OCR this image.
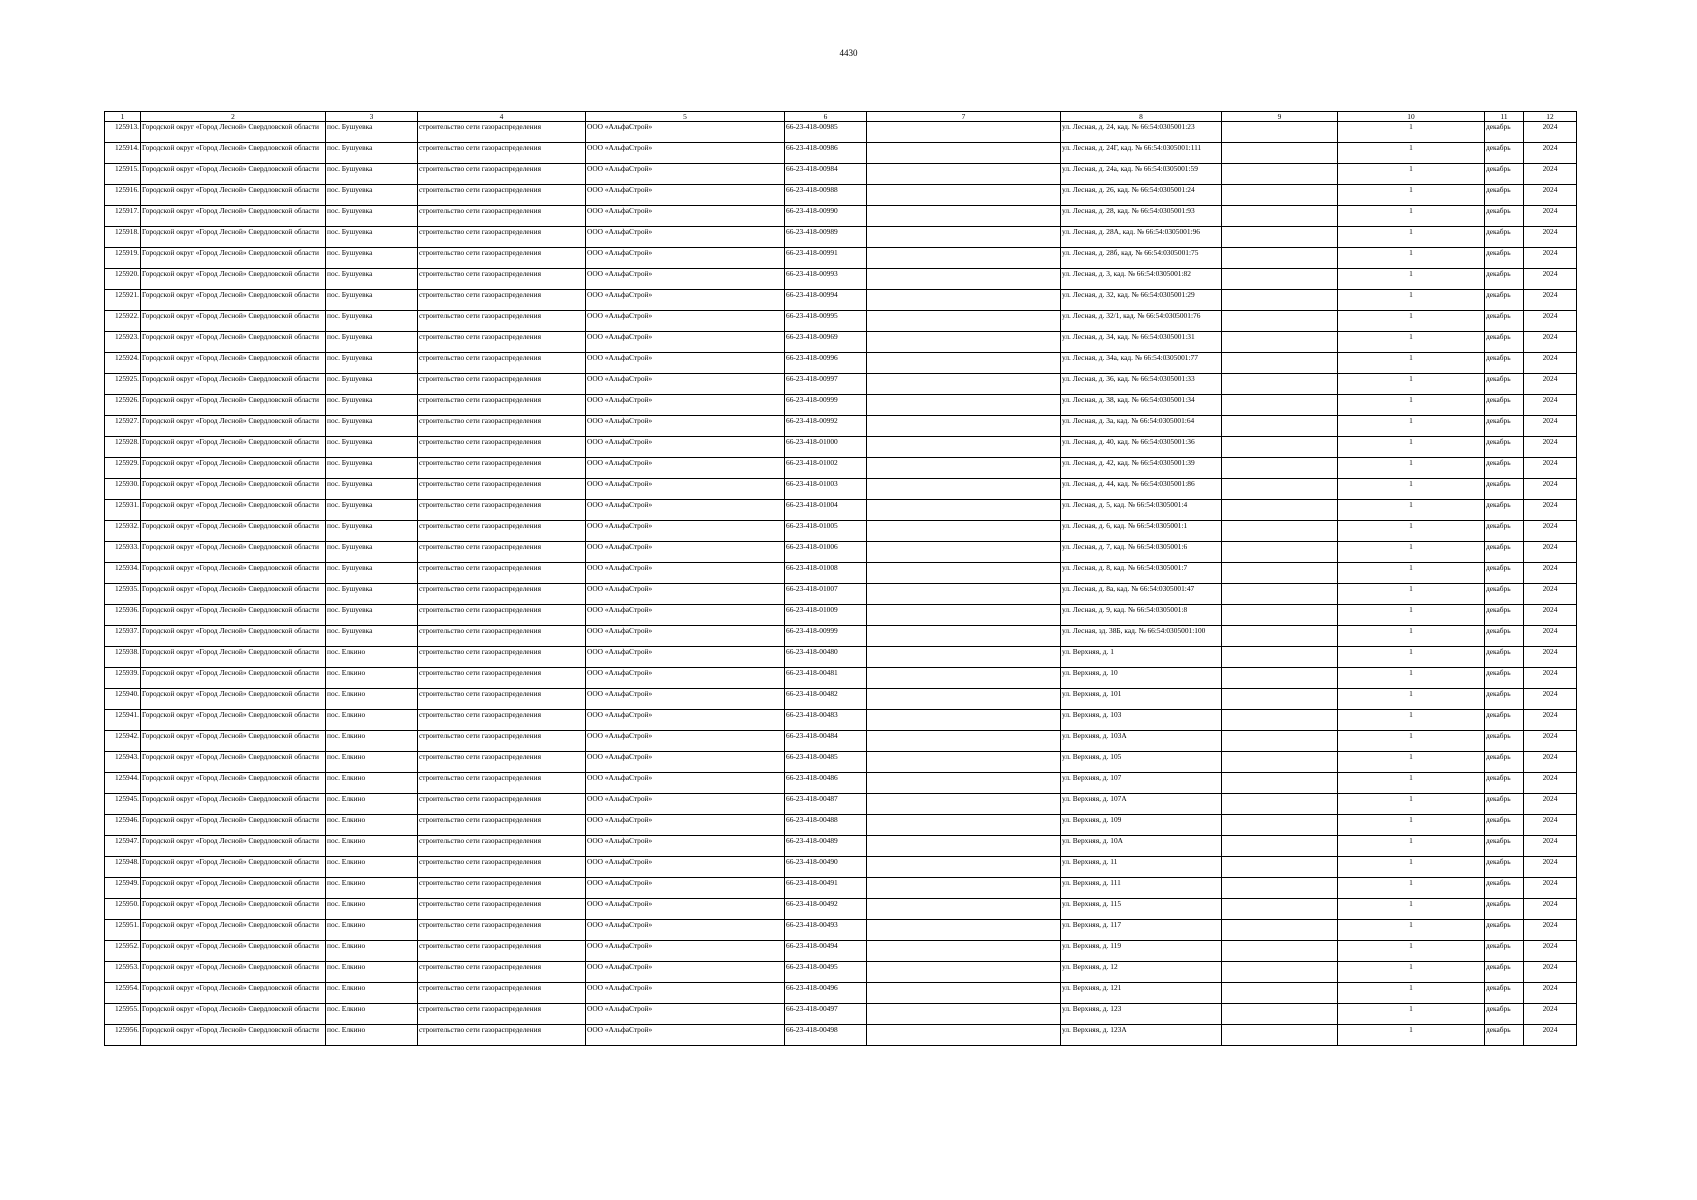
4430
1	2	3	4	5	6	7	8	9	10	11	12
125913.	Городской округ «Город Лесной» Свердловской области	пос. Бушуевка	строительство сети газораспределения	ООО «АльфаСтрой»	66-23-418-00985		ул. Лесная, д. 24, кад. № 66:54:0305001:23		1	декабрь	2024
125914.	Городской округ «Город Лесной» Свердловской области	пос. Бушуевка	строительство сети газораспределения	ООО «АльфаСтрой»	66-23-418-00986		ул. Лесная, д. 24Г, кад. № 66:54:0305001:111		1	декабрь	2024
125915.	Городской округ «Город Лесной» Свердловской области	пос. Бушуевка	строительство сети газораспределения	ООО «АльфаСтрой»	66-23-418-00984		ул. Лесная, д. 24а, кад. № 66:54:0305001:59		1	декабрь	2024
125916.	Городской округ «Город Лесной» Свердловской области	пос. Бушуевка	строительство сети газораспределения	ООО «АльфаСтрой»	66-23-418-00988		ул. Лесная, д. 26, кад. № 66:54:0305001:24		1	декабрь	2024
125917.	Городской округ «Город Лесной» Свердловской области	пос. Бушуевка	строительство сети газораспределения	ООО «АльфаСтрой»	66-23-418-00990		ул. Лесная, д. 28, кад. № 66:54:0305001:93		1	декабрь	2024
125918.	Городской округ «Город Лесной» Свердловской области	пос. Бушуевка	строительство сети газораспределения	ООО «АльфаСтрой»	66-23-418-00989		ул. Лесная, д. 28А, кад. № 66:54:0305001:96		1	декабрь	2024
125919.	Городской округ «Город Лесной» Свердловской области	пос. Бушуевка	строительство сети газораспределения	ООО «АльфаСтрой»	66-23-418-00991		ул. Лесная, д. 28б, кад. № 66:54:0305001:75		1	декабрь	2024
125920.	Городской округ «Город Лесной» Свердловской области	пос. Бушуевка	строительство сети газораспределения	ООО «АльфаСтрой»	66-23-418-00993		ул. Лесная, д. 3, кад. № 66:54:0305001:82		1	декабрь	2024
125921.	Городской округ «Город Лесной» Свердловской области	пос. Бушуевка	строительство сети газораспределения	ООО «АльфаСтрой»	66-23-418-00994		ул. Лесная, д. 32, кад. № 66:54:0305001:29		1	декабрь	2024
125922.	Городской округ «Город Лесной» Свердловской области	пос. Бушуевка	строительство сети газораспределения	ООО «АльфаСтрой»	66-23-418-00995		ул. Лесная, д. 32/1, кад. № 66:54:0305001:76		1	декабрь	2024
125923.	Городской округ «Город Лесной» Свердловской области	пос. Бушуевка	строительство сети газораспределения	ООО «АльфаСтрой»	66-23-418-00969		ул. Лесная, д. 34, кад. № 66:54:0305001:31		1	декабрь	2024
125924.	Городской округ «Город Лесной» Свердловской области	пос. Бушуевка	строительство сети газораспределения	ООО «АльфаСтрой»	66-23-418-00996		ул. Лесная, д. 34а, кад. № 66:54:0305001:77		1	декабрь	2024
125925.	Городской округ «Город Лесной» Свердловской области	пос. Бушуевка	строительство сети газораспределения	ООО «АльфаСтрой»	66-23-418-00997		ул. Лесная, д. 36, кад. № 66:54:0305001:33		1	декабрь	2024
125926.	Городской округ «Город Лесной» Свердловской области	пос. Бушуевка	строительство сети газораспределения	ООО «АльфаСтрой»	66-23-418-00999		ул. Лесная, д. 38, кад. № 66:54:0305001:34		1	декабрь	2024
125927.	Городской округ «Город Лесной» Свердловской области	пос. Бушуевка	строительство сети газораспределения	ООО «АльфаСтрой»	66-23-418-00992		ул. Лесная, д. 3а, кад. № 66:54:0305001:64		1	декабрь	2024
125928.	Городской округ «Город Лесной» Свердловской области	пос. Бушуевка	строительство сети газораспределения	ООО «АльфаСтрой»	66-23-418-01000		ул. Лесная, д. 40, кад. № 66:54:0305001:36		1	декабрь	2024
125929.	Городской округ «Город Лесной» Свердловской области	пос. Бушуевка	строительство сети газораспределения	ООО «АльфаСтрой»	66-23-418-01002		ул. Лесная, д. 42, кад. № 66:54:0305001:39		1	декабрь	2024
125930.	Городской округ «Город Лесной» Свердловской области	пос. Бушуевка	строительство сети газораспределения	ООО «АльфаСтрой»	66-23-418-01003		ул. Лесная, д. 44, кад. № 66:54:0305001:86		1	декабрь	2024
125931.	Городской округ «Город Лесной» Свердловской области	пос. Бушуевка	строительство сети газораспределения	ООО «АльфаСтрой»	66-23-418-01004		ул. Лесная, д. 5, кад. № 66:54:0305001:4		1	декабрь	2024
125932.	Городской округ «Город Лесной» Свердловской области	пос. Бушуевка	строительство сети газораспределения	ООО «АльфаСтрой»	66-23-418-01005		ул. Лесная, д. 6, кад. № 66:54:0305001:1		1	декабрь	2024
125933.	Городской округ «Город Лесной» Свердловской области	пос. Бушуевка	строительство сети газораспределения	ООО «АльфаСтрой»	66-23-418-01006		ул. Лесная, д. 7, кад. № 66:54:0305001:6		1	декабрь	2024
125934.	Городской округ «Город Лесной» Свердловской области	пос. Бушуевка	строительство сети газораспределения	ООО «АльфаСтрой»	66-23-418-01008		ул. Лесная, д. 8, кад. № 66:54:0305001:7		1	декабрь	2024
125935.	Городской округ «Город Лесной» Свердловской области	пос. Бушуевка	строительство сети газораспределения	ООО «АльфаСтрой»	66-23-418-01007		ул. Лесная, д. 8а, кад. № 66:54:0305001:47		1	декабрь	2024
125936.	Городской округ «Город Лесной» Свердловской области	пос. Бушуевка	строительство сети газораспределения	ООО «АльфаСтрой»	66-23-418-01009		ул. Лесная, д. 9, кад. № 66:54:0305001:8		1	декабрь	2024
125937.	Городской округ «Город Лесной» Свердловской области	пос. Бушуевка	строительство сети газораспределения	ООО «АльфаСтрой»	66-23-418-00999		ул. Лесная, зд. 38Б, кад. № 66:54:0305001:100		1	декабрь	2024
125938.	Городской округ «Город Лесной» Свердловской области	пос. Елкино	строительство сети газораспределения	ООО «АльфаСтрой»	66-23-418-00480		ул. Верхняя, д. 1		1	декабрь	2024
125939.	Городской округ «Город Лесной» Свердловской области	пос. Елкино	строительство сети газораспределения	ООО «АльфаСтрой»	66-23-418-00481		ул. Верхняя, д. 10		1	декабрь	2024
125940.	Городской округ «Город Лесной» Свердловской области	пос. Елкино	строительство сети газораспределения	ООО «АльфаСтрой»	66-23-418-00482		ул. Верхняя, д. 101		1	декабрь	2024
125941.	Городской округ «Город Лесной» Свердловской области	пос. Елкино	строительство сети газораспределения	ООО «АльфаСтрой»	66-23-418-00483		ул. Верхняя, д. 103		1	декабрь	2024
125942.	Городской округ «Город Лесной» Свердловской области	пос. Елкино	строительство сети газораспределения	ООО «АльфаСтрой»	66-23-418-00484		ул. Верхняя, д. 103А		1	декабрь	2024
125943.	Городской округ «Город Лесной» Свердловской области	пос. Елкино	строительство сети газораспределения	ООО «АльфаСтрой»	66-23-418-00485		ул. Верхняя, д. 105		1	декабрь	2024
125944.	Городской округ «Город Лесной» Свердловской области	пос. Елкино	строительство сети газораспределения	ООО «АльфаСтрой»	66-23-418-00486		ул. Верхняя, д. 107		1	декабрь	2024
125945.	Городской округ «Город Лесной» Свердловской области	пос. Елкино	строительство сети газораспределения	ООО «АльфаСтрой»	66-23-418-00487		ул. Верхняя, д. 107А		1	декабрь	2024
125946.	Городской округ «Город Лесной» Свердловской области	пос. Елкино	строительство сети газораспределения	ООО «АльфаСтрой»	66-23-418-00488		ул. Верхняя, д. 109		1	декабрь	2024
125947.	Городской округ «Город Лесной» Свердловской области	пос. Елкино	строительство сети газораспределения	ООО «АльфаСтрой»	66-23-418-00489		ул. Верхняя, д. 10А		1	декабрь	2024
125948.	Городской округ «Город Лесной» Свердловской области	пос. Елкино	строительство сети газораспределения	ООО «АльфаСтрой»	66-23-418-00490		ул. Верхняя, д. 11		1	декабрь	2024
125949.	Городской округ «Город Лесной» Свердловской области	пос. Елкино	строительство сети газораспределения	ООО «АльфаСтрой»	66-23-418-00491		ул. Верхняя, д. 111		1	декабрь	2024
125950.	Городской округ «Город Лесной» Свердловской области	пос. Елкино	строительство сети газораспределения	ООО «АльфаСтрой»	66-23-418-00492		ул. Верхняя, д. 115		1	декабрь	2024
125951.	Городской округ «Город Лесной» Свердловской области	пос. Елкино	строительство сети газораспределения	ООО «АльфаСтрой»	66-23-418-00493		ул. Верхняя, д. 117		1	декабрь	2024
125952.	Городской округ «Город Лесной» Свердловской области	пос. Елкино	строительство сети газораспределения	ООО «АльфаСтрой»	66-23-418-00494		ул. Верхняя, д. 119		1	декабрь	2024
125953.	Городской округ «Город Лесной» Свердловской области	пос. Елкино	строительство сети газораспределения	ООО «АльфаСтрой»	66-23-418-00495		ул. Верхняя, д. 12		1	декабрь	2024
125954.	Городской округ «Город Лесной» Свердловской области	пос. Елкино	строительство сети газораспределения	ООО «АльфаСтрой»	66-23-418-00496		ул. Верхняя, д. 121		1	декабрь	2024
125955.	Городской округ «Город Лесной» Свердловской области	пос. Елкино	строительство сети газораспределения	ООО «АльфаСтрой»	66-23-418-00497		ул. Верхняя, д. 123		1	декабрь	2024
125956.	Городской округ «Город Лесной» Свердловской области	пос. Елкино	строительство сети газораспределения	ООО «АльфаСтрой»	66-23-418-00498		ул. Верхняя, д. 123А		1	декабрь	2024
